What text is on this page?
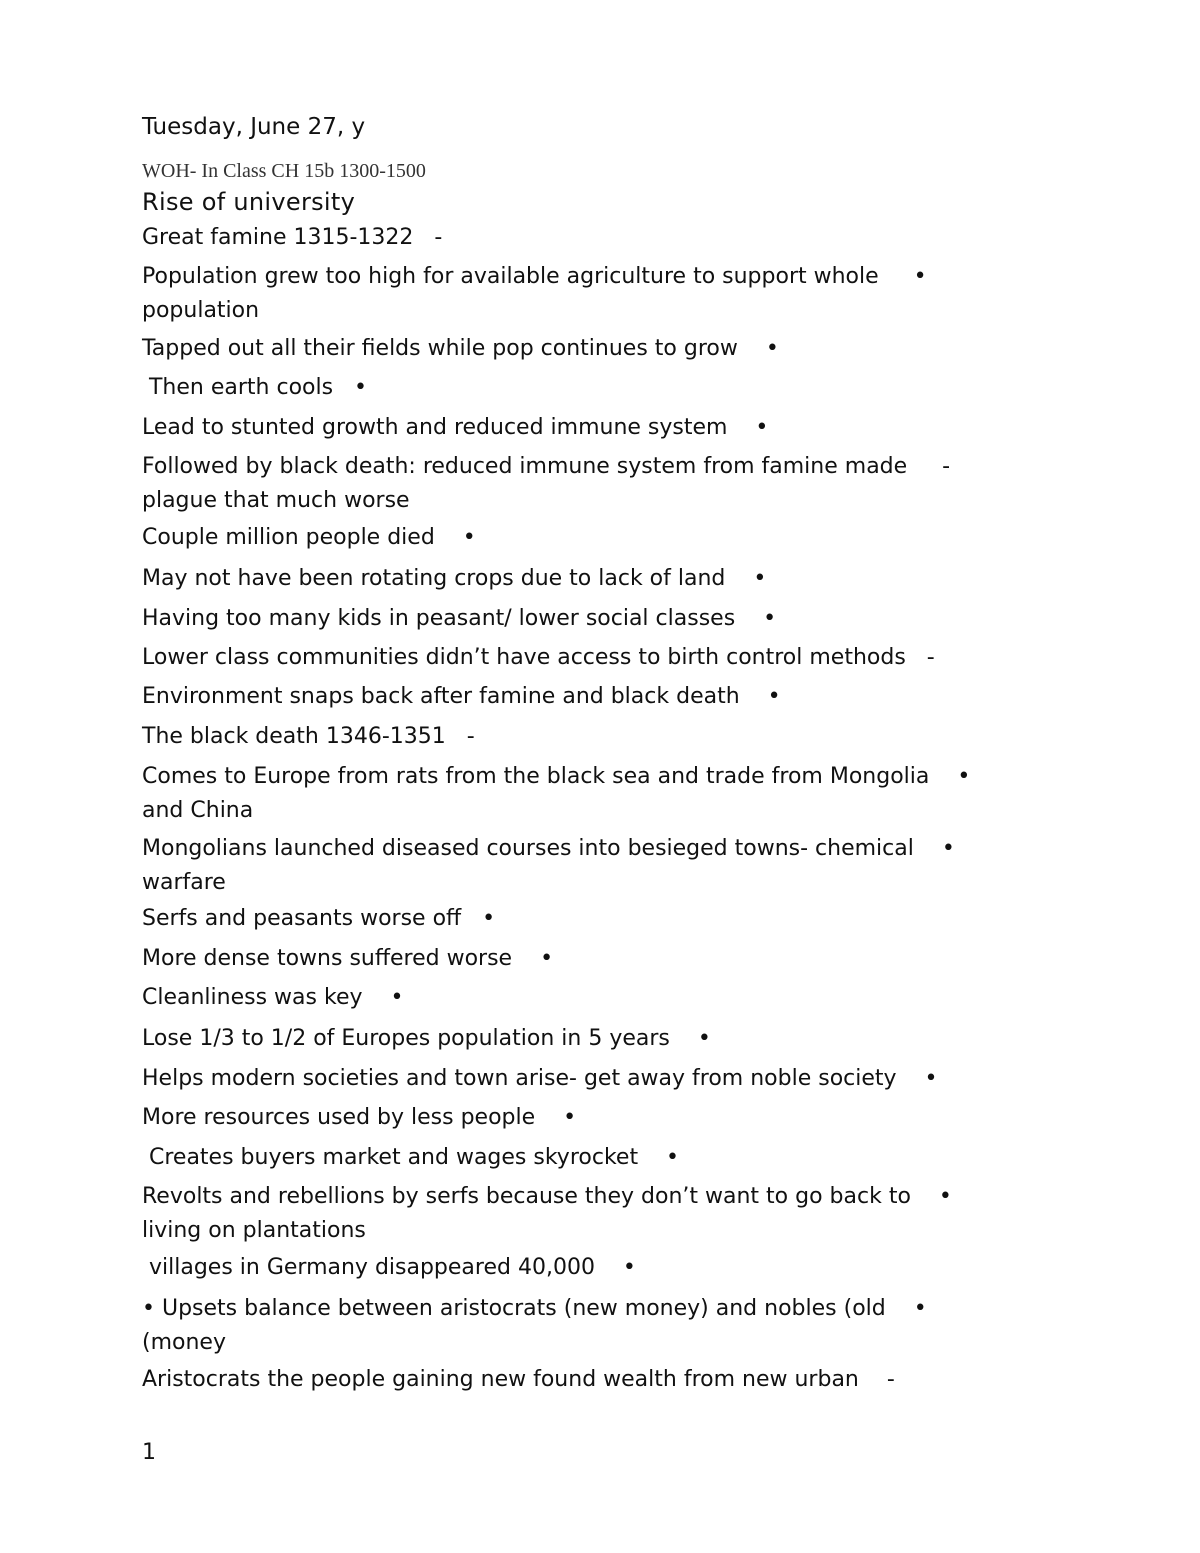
Tuesday, June 27, y
WOH- In Class CH 15b 1300-1500
Rise of university
Great famine 1315-1322   -
Population grew too high for available agriculture to support whole     •
population
Tapped out all their fields while pop continues to grow    •
Then earth cools   •
Lead to stunted growth and reduced immune system    •
Followed by black death: reduced immune system from famine made     -
plague that much worse
Couple million people died    •
May not have been rotating crops due to lack of land    •
Having too many kids in peasant/ lower social classes    •
Lower class communities didn’t have access to birth control methods   -
Environment snaps back after famine and black death    •
The black death 1346-1351   -
Comes to Europe from rats from the black sea and trade from Mongolia    •
and China
Mongolians launched diseased courses into besieged towns- chemical    •
warfare
Serfs and peasants worse off   •
More dense towns suffered worse    •
Cleanliness was key    •
Lose 1/3 to 1/2 of Europes population in 5 years    •
Helps modern societies and town arise- get away from noble society    •
More resources used by less people    •
Creates buyers market and wages skyrocket    •
Revolts and rebellions by serfs because they don’t want to go back to    •
living on plantations
villages in Germany disappeared 40,000    •
• Upsets balance between aristocrats (new money) and nobles (old    •
(money
Aristocrats the people gaining new found wealth from new urban    -
1
